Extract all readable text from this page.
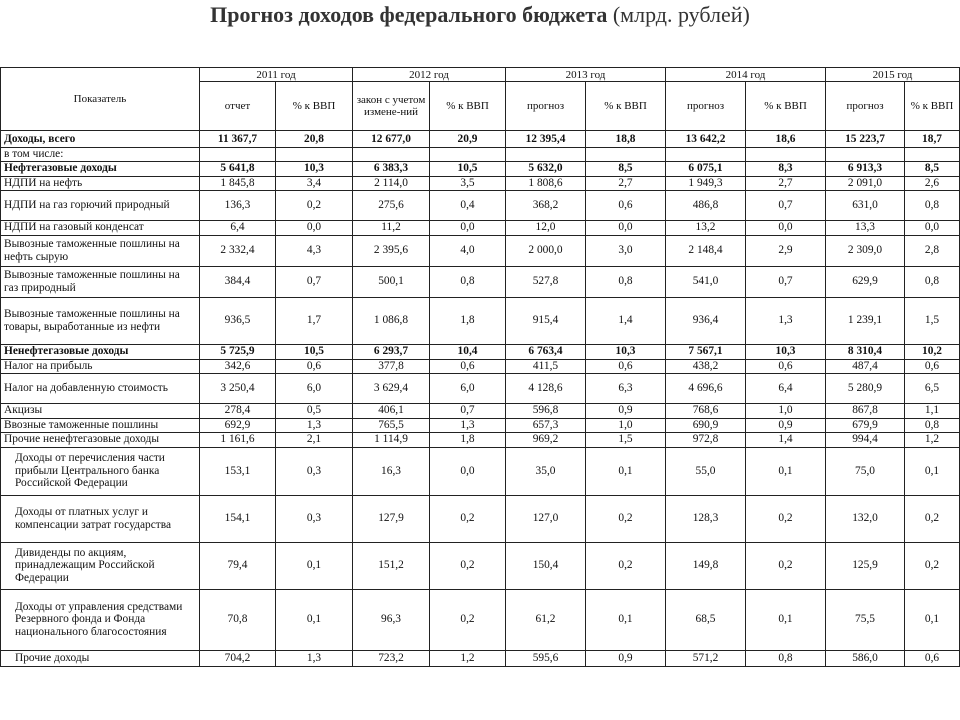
Прогноз доходов федерального бюджета (млрд. рублей)
Показатель	2011 год		2012 год		2013 год		2014 год		2015 год	
	отчет	% к ВВП	закон с учетом измене-ний	% к ВВП	прогноз	% к ВВП	прогноз	% к ВВП	прогноз	% к ВВП
Доходы, всего	11 367,7	20,8	12 677,0	20,9	12 395,4	18,8	13 642,2	18,6	15 223,7	18,7
в том числе:										
Нефтегазовые доходы	5 641,8	10,3	6 383,3	10,5	5 632,0	8,5	6 075,1	8,3	6 913,3	8,5
НДПИ на нефть	1 845,8	3,4	2 114,0	3,5	1 808,6	2,7	1 949,3	2,7	2 091,0	2,6
НДПИ на газ горючий природный	136,3	0,2	275,6	0,4	368,2	0,6	486,8	0,7	631,0	0,8
НДПИ на газовый конденсат	6,4	0,0	11,2	0,0	12,0	0,0	13,2	0,0	13,3	0,0
Вывозные таможенные пошлины на нефть сырую	2 332,4	4,3	2 395,6	4,0	2 000,0	3,0	2 148,4	2,9	2 309,0	2,8
Вывозные таможенные пошлины на газ природный	384,4	0,7	500,1	0,8	527,8	0,8	541,0	0,7	629,9	0,8
Вывозные таможенные пошлины на товары, выработанные из нефти	936,5	1,7	1 086,8	1,8	915,4	1,4	936,4	1,3	1 239,1	1,5
Ненефтегазовые доходы	5 725,9	10,5	6 293,7	10,4	6 763,4	10,3	7 567,1	10,3	8 310,4	10,2
Налог на прибыль	342,6	0,6	377,8	0,6	411,5	0,6	438,2	0,6	487,4	0,6
Налог на добавленную стоимость	3 250,4	6,0	3 629,4	6,0	4 128,6	6,3	4 696,6	6,4	5 280,9	6,5
Акцизы	278,4	0,5	406,1	0,7	596,8	0,9	768,6	1,0	867,8	1,1
Ввозные таможенные пошлины	692,9	1,3	765,5	1,3	657,3	1,0	690,9	0,9	679,9	0,8
Прочие ненефтегазовые доходы	1 161,6	2,1	1 114,9	1,8	969,2	1,5	972,8	1,4	994,4	1,2
Доходы от перечисления части прибыли Центрального банка Российской Федерации	153,1	0,3	16,3	0,0	35,0	0,1	55,0	0,1	75,0	0,1
Доходы от платных услуг и компенсации затрат государства	154,1	0,3	127,9	0,2	127,0	0,2	128,3	0,2	132,0	0,2
Дивиденды по акциям, принадлежащим Российской Федерации	79,4	0,1	151,2	0,2	150,4	0,2	149,8	0,2	125,9	0,2
Доходы от управления средствами Резервного фонда и Фонда национального благосостояния	70,8	0,1	96,3	0,2	61,2	0,1	68,5	0,1	75,5	0,1
Прочие доходы	704,2	1,3	723,2	1,2	595,6	0,9	571,2	0,8	586,0	0,6
